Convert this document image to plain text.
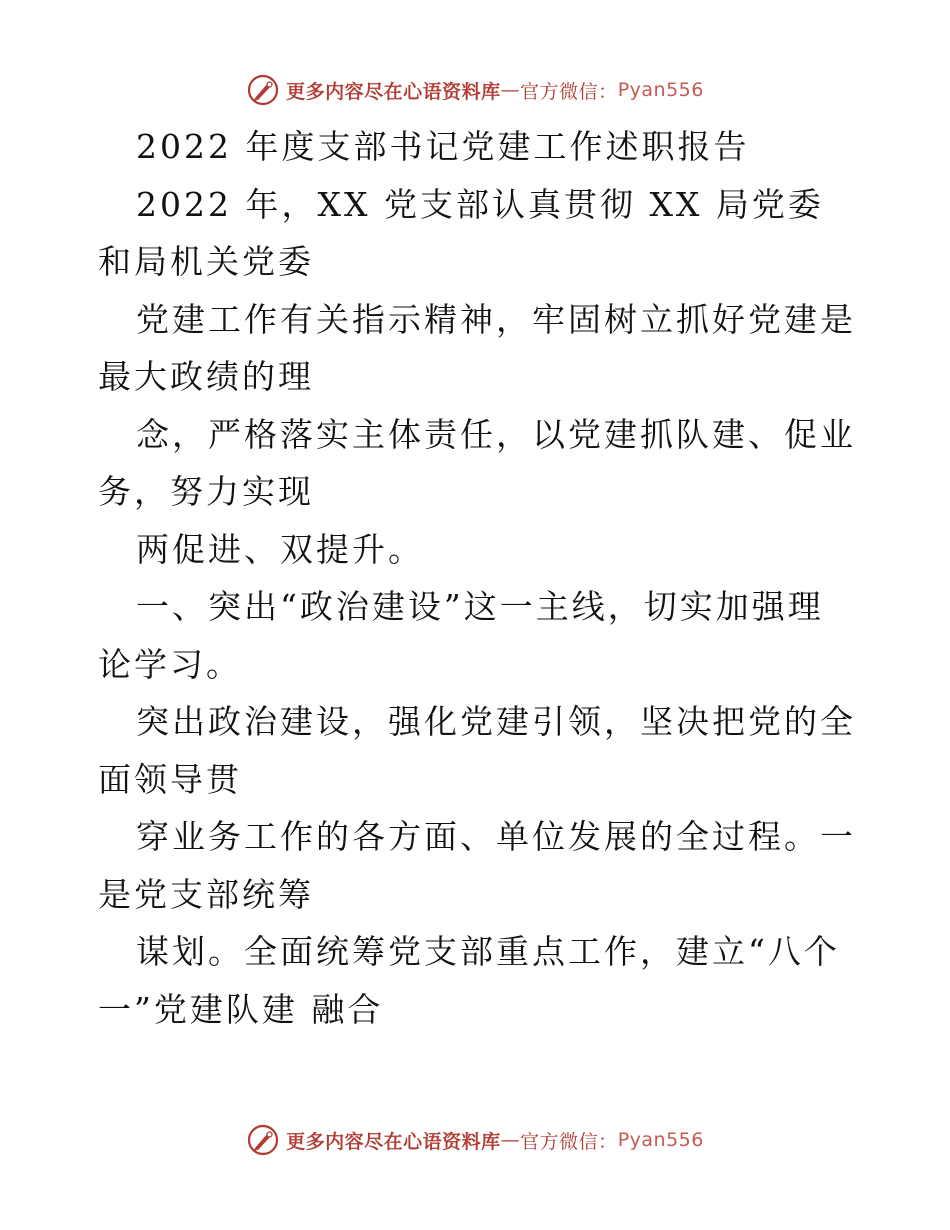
更多内容尽在心语资料库 — 官方微信： Pyan556

2022 年度支部书记党建工作述职报告

2022 年，XX 党支部认真贯彻 XX 局党委和局机关党委

党建工作有关指示精神，牢固树立抓好党建是最大政绩的理

念，严格落实主体责任，以党建抓队建、促业务，努力实现

两促进、双提升。

一、突出“政治建设”这一主线，切实加强理论学习。

突出政治建设，强化党建引领，坚决把党的全面领导贯

穿业务工作的各方面、单位发展的全过程。一是党支部统筹

谋划。全面统筹党支部重点工作，建立“八个一”党建队建 融合

更多内容尽在心语资料库 — 官方微信： Pyan556
